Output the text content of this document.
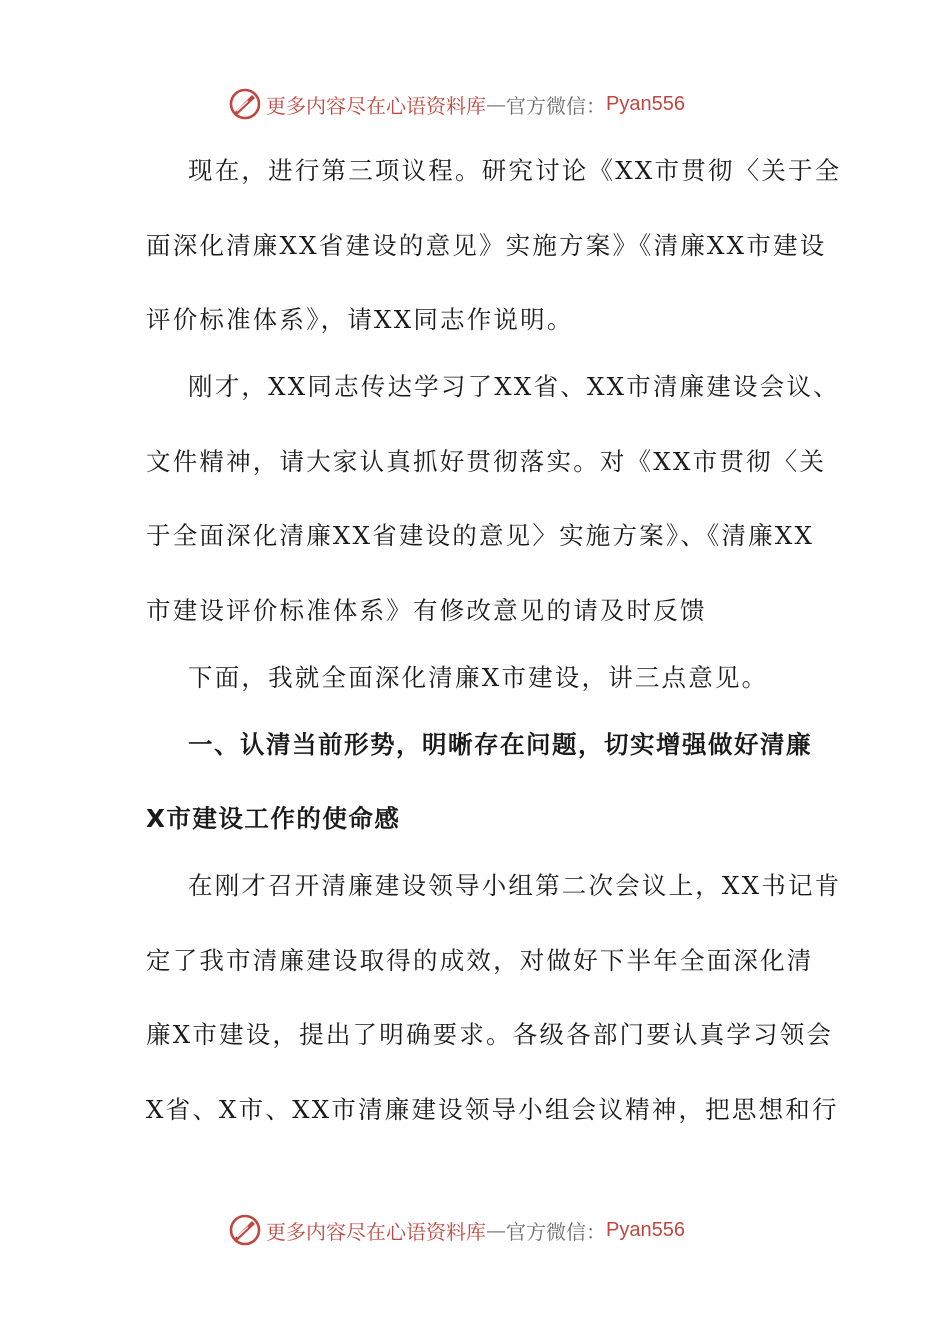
更多内容尽在心语资料库 — 官方微信： Pyan556
现在，进行第三项议程。研究讨论《XX市贯彻〈关于全
面深化清廉XX省建设的意见》实施方案》《清廉XX市建设
评价标准体系》，请XX同志作说明。
刚才，XX同志传达学习了XX省、XX市清廉建设会议、
文件精神，请大家认真抓好贯彻落实。对《XX市贯彻〈关
于全面深化清廉XX省建设的意见〉实施方案》、《清廉XX
市建设评价标准体系》有修改意见的请及时反馈
下面，我就全面深化清廉X市建设，讲三点意见。
一、认清当前形势，明晰存在问题，切实增强做好清廉
X市建设工作的使命感
在刚才召开清廉建设领导小组第二次会议上，XX书记肯
定了我市清廉建设取得的成效，对做好下半年全面深化清
廉X市建设，提出了明确要求。各级各部门要认真学习领会
X省、X市、XX市清廉建设领导小组会议精神，把思想和行
更多内容尽在心语资料库 — 官方微信： Pyan556
